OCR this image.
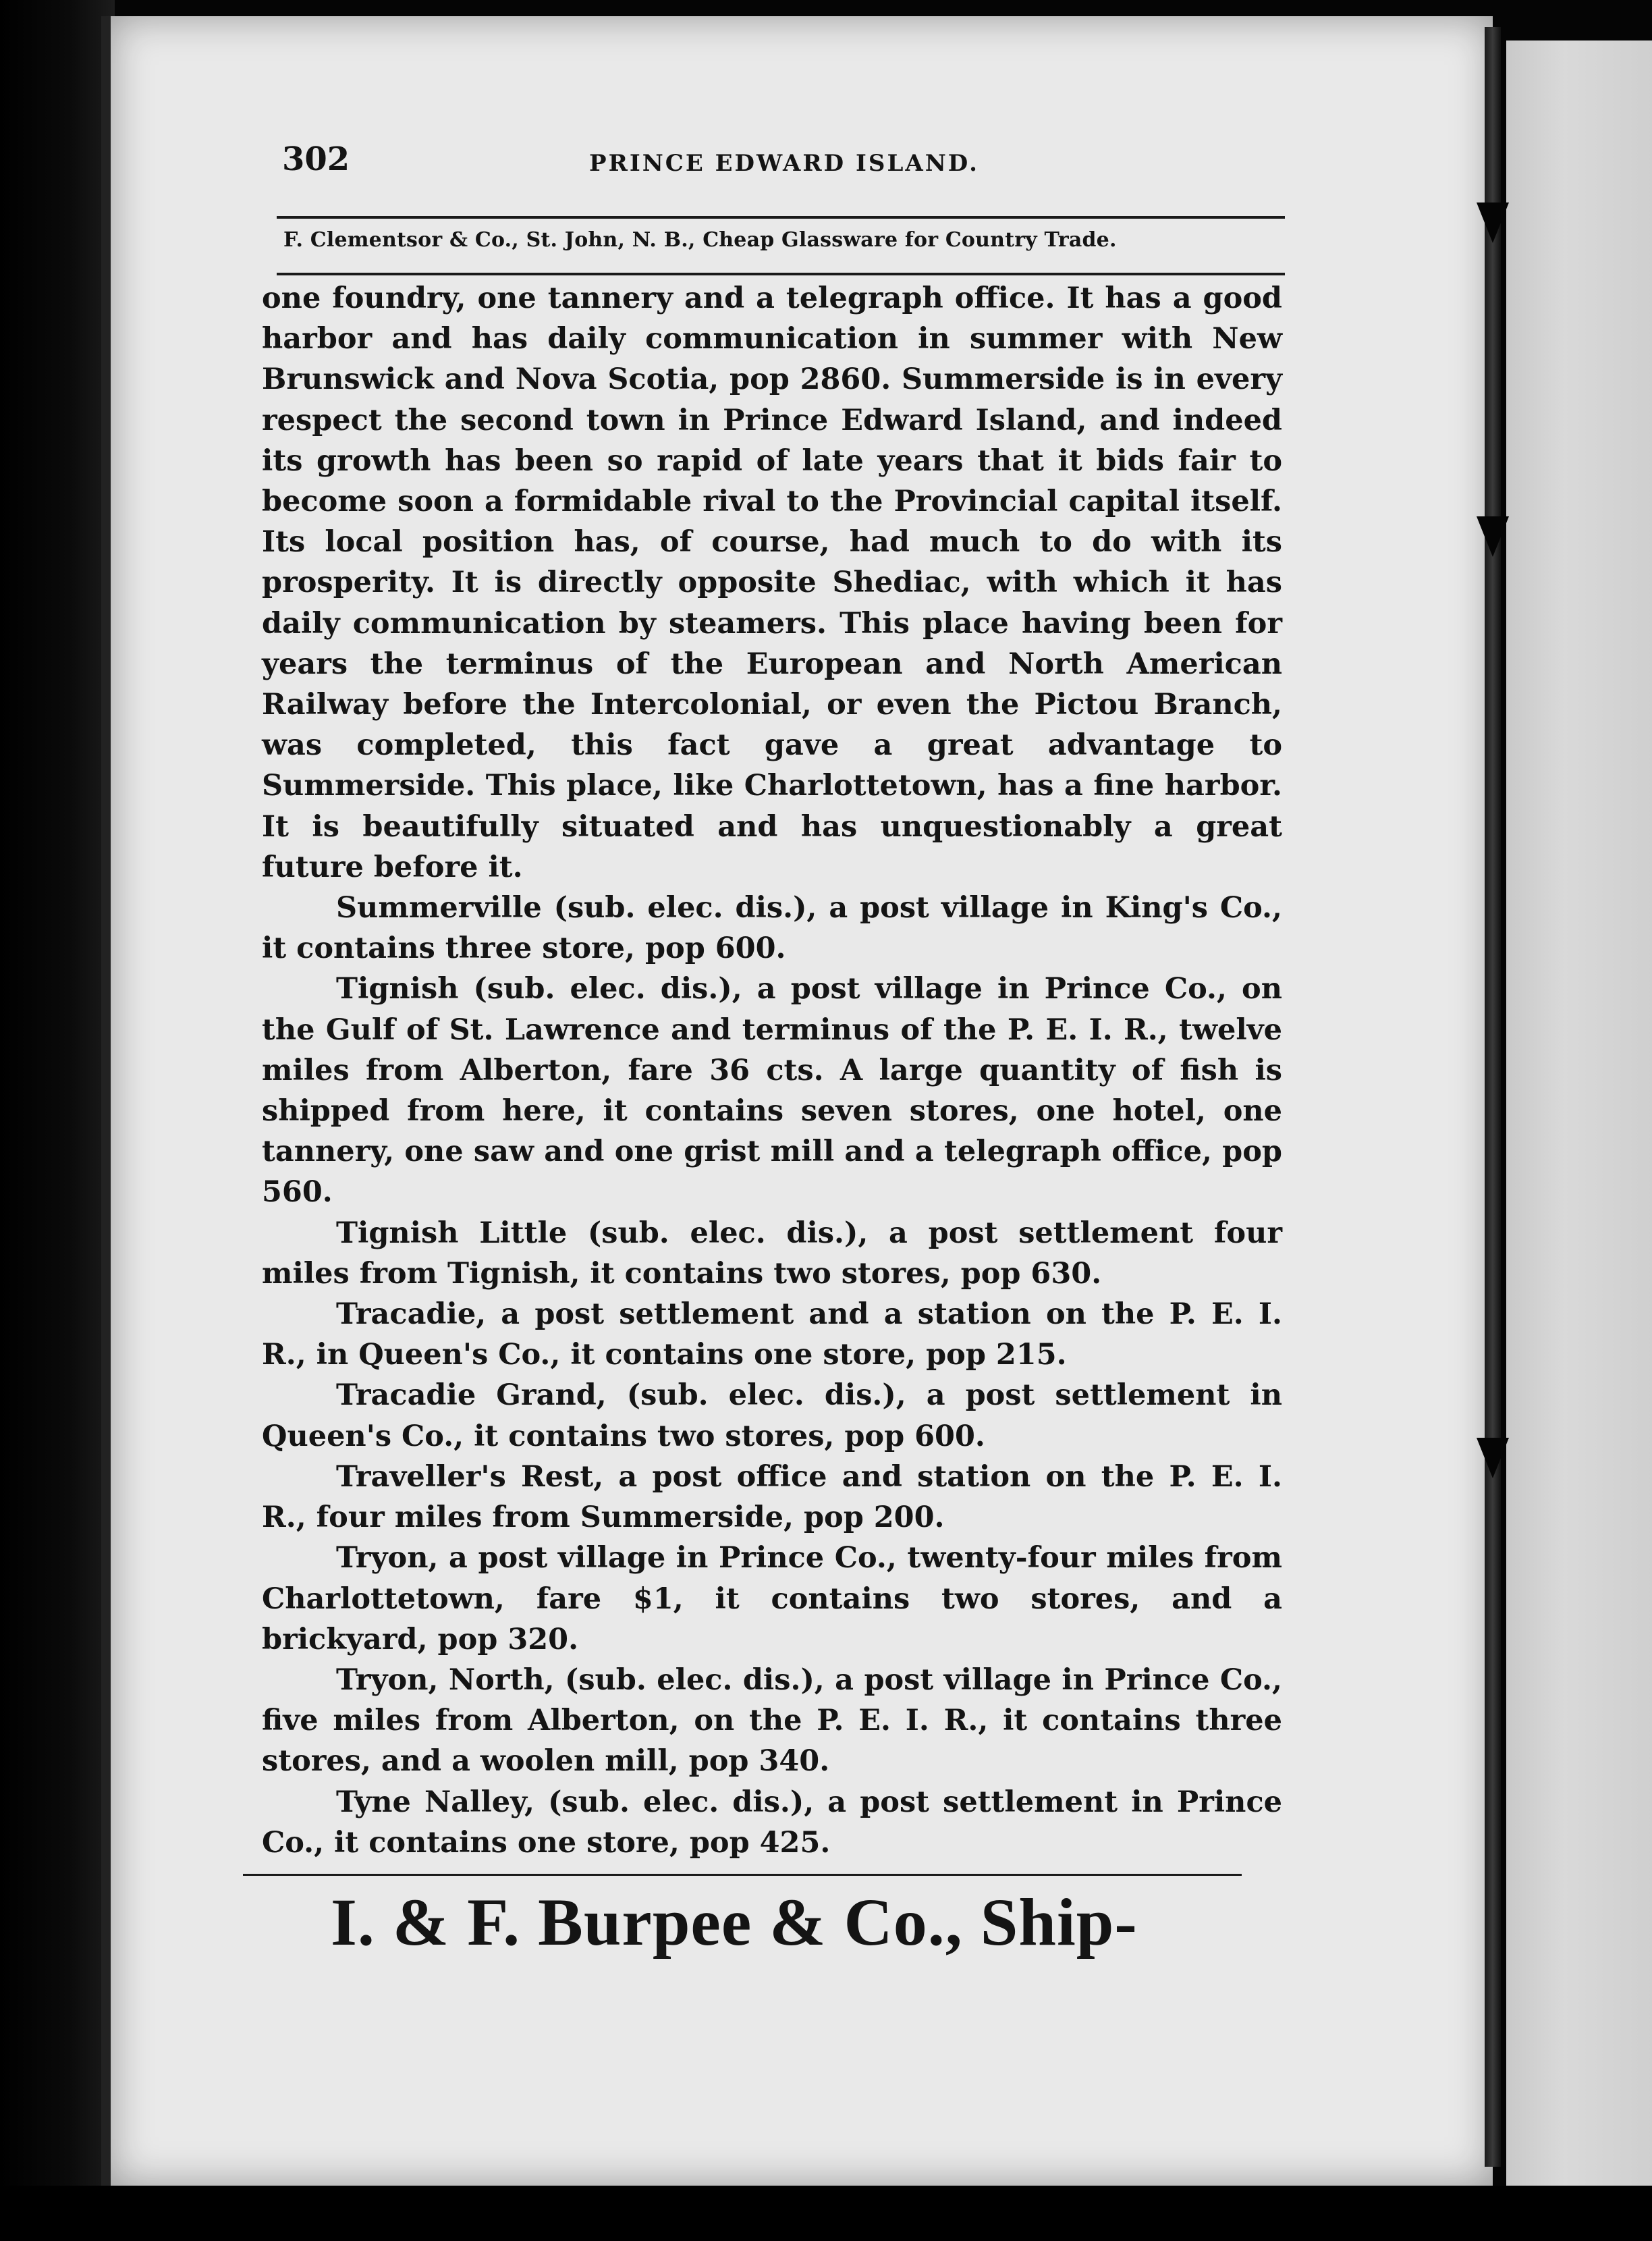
302	PRINCE EDWARD ISLAND.
F. Clementsor & Co., St. John, N. B., Cheap Glassware for Country Trade.

one foundry, one tannery and a telegraph office. It has a good harbor and has daily communication in summer with New Brunswick and Nova Scotia, pop 2860. Summerside is in every respect the second town in Prince Edward Island, and indeed its growth has been so rapid of late years that it bids fair to become soon a formidable rival to the Provincial capital itself. Its local position has, of course, had much to do with its prosperity. It is directly opposite Shediac, with which it has daily communication by steamers. This place having been for years the terminus of the European and North American Railway before the Intercolonial, or even the Pictou Branch, was completed, this fact gave a great advantage to Summerside. This place, like Charlottetown, has a fine harbor. It is beautifully situated and has unquestionably a great future before it.

Summerville (sub. elec. dis.), a post village in King's Co., it contains three store, pop 600.

Tignish (sub. elec. dis.), a post village in Prince Co., on the Gulf of St. Lawrence and terminus of the P. E. I. R., twelve miles from Alberton, fare 36 cts. A large quantity of fish is shipped from here, it contains seven stores, one hotel, one tannery, one saw and one grist mill and a telegraph office, pop 560.

Tignish Little (sub. elec. dis.), a post settlement four miles from Tignish, it contains two stores, pop 630.

Tracadie, a post settlement and a station on the P. E. I. R., in Queen's Co., it contains one store, pop 215.

Tracadie Grand, (sub. elec. dis.), a post settlement in Queen's Co., it contains two stores, pop 600.

Traveller's Rest, a post office and station on the P. E. I. R., four miles from Summerside, pop 200.

Tryon, a post village in Prince Co., twenty-four miles from Charlottetown, fare $1, it contains two stores, and a brickyard, pop 320.

Tryon, North, (sub. elec. dis.), a post village in Prince Co., five miles from Alberton, on the P. E. I. R., it contains three stores, and a woolen mill, pop 340.

Tyne Nalley, (sub. elec. dis.), a post settlement in Prince Co., it contains one store, pop 425.

I. & F. Burpee & Co., Ship-
